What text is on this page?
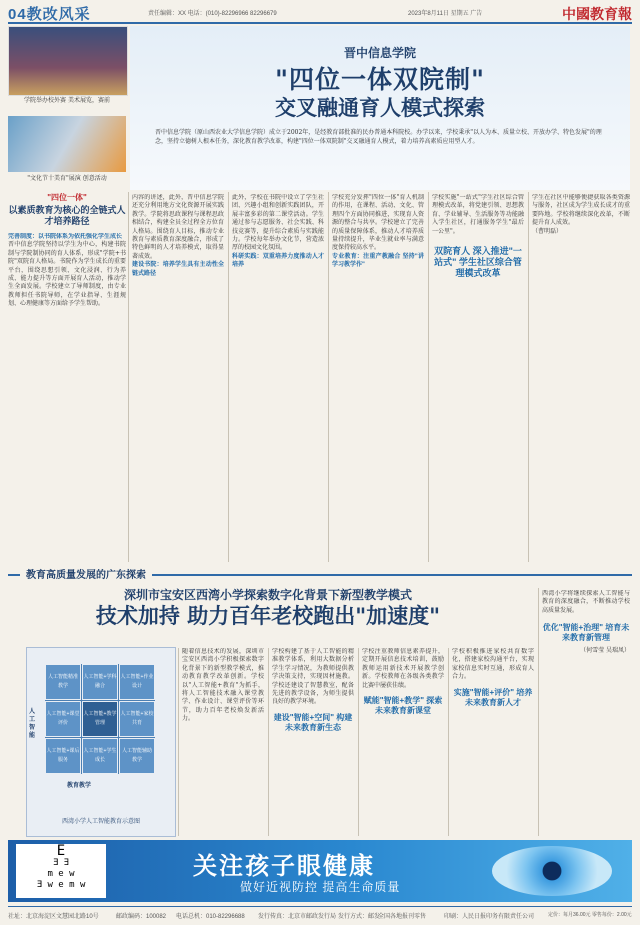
04教改风采	责任编辑：XX 电话：(010)-82296966 82296679	2023年8月11日 星期五 广告	中國教育報
学院举办校外赛 美术展览，赛前
"文化节十美育"展演 创意活动
晋中信息学院
"四位一体双院制"
交叉融通育人模式探索
晋中信息学院（原山西农业大学信息学院）成立于2002年，是经教育部批准的民办普通本科院校。办学以来，学校秉承"以人为本、质量立校、开放办学、特色发展"的理念，坚持立德树人根本任务，深化教育教学改革，构建"四位一体双院制"交叉融通育人模式，着力培养高素质应用型人才。
"四位一体"
以素质教育为核心的全链式人才培养路径
完善制度：以书院体系为依托强化学生成长
晋中信息学院坚持以学生为中心，构建书院制与学院制协同的育人体系，形成"学院+书院"双院育人格局。书院作为学生成长的重要平台，围绕思想引领、文化浸润、行为养成、能力提升等方面开展育人活动，推动学生全面发展。学校建立了导师制度，由专业教师担任书院导师，在学业指导、生涯规划、心理健康等方面给予学生帮助。
内容的讲述，此外，晋中信息学院还充分利用地方文化资源开展实践教学。学院将思政课程与课程思政相结合，构建全员全过程全方位育人格局。围绕育人目标，推动专业教育与素质教育深度融合，形成了特色鲜明的人才培养模式，取得显著成效。
建设书院：培养学生具有主动性全链式路径
此外，学校在书院中设立了学生社团、兴趣小组和创新实践团队，开展丰富多彩的第二课堂活动。学生通过参与志愿服务、社会实践、科技竞赛等，提升综合素质与实践能力。学校每年举办文化节，营造浓厚的校园文化氛围。
科研实践：双重培养力度推动人才培养
学校充分发挥"四位一体"育人机制的作用，在课程、活动、文化、管理四个方面协同推进，实现育人资源的整合与共享。学校建立了完善的质量保障体系，推动人才培养质量持续提升，毕业生就业率与满意度保持较高水平。
专业教育：注重产教融合 坚持"讲学习教学作"
学校实施"一站式"学生社区综合管理模式改革，将党建引领、思想教育、学业辅导、生活服务等功能融入学生社区，打通服务学生"最后一公里"。
双院育人 深入推进"一站式" 学生社区综合管理模式改革
学生在社区中能够便捷获取各类资源与服务，社区成为学生成长成才的重要阵地。学校将继续深化改革，不断提升育人成效。
（曹明磊）
教育高质量发展的广东探索
深圳市宝安区西湾小学探索数字化背景下新型教学模式
技术加持 助力百年老校跑出"加速度"
人工智能精准教学
人工智能+学科融合
人工智能+作业设计
人工智能+课堂评价
人工智能+教学管理
人工智能+家校共育
人工智能+课后服务
人工智能+学生成长
人工智能辅助教学
人工智能
教育教学
西湾小学人工智能教育示意图
随着信息技术的发展，深圳市宝安区西湾小学积极探索数字化背景下的新型教学模式，推动教育教学改革创新。学校以"人工智能+教育"为抓手，将人工智能技术融入课堂教学、作业设计、课堂评价等环节，助力百年老校焕发新活力。
学校构建了基于人工智能的精准教学体系，利用大数据分析学生学习情况，为教师提供教学决策支持，实现因材施教。学校还建设了智慧教室，配备先进的教学设备，为师生提供良好的教学环境。
建设"智能+空间" 构建未来教育新生态
学校注重教师信息素养提升，定期开展信息技术培训，鼓励教师运用新技术开展教学创新。学校教师在各级各类教学比赛中屡获佳绩。
赋能"智能+教学" 探索未来教育新课堂
学校积极推进家校共育数字化，搭建家校沟通平台，实现家校信息实时互通，形成育人合力。
实施"智能+评价" 培养未来教育新人才
西湾小学将继续探索人工智能与教育的深度融合，不断推动学校高质量发展。
优化"智能+治理" 培育未来教育新管理
（何雪莹 吴瑞凤）
E
Ǝ ∃
m e w
Ǝ w e m w
关注孩子眼健康
做好近视防控 提高生命质量
社址：北京海淀区文慧园北路10号	邮政编码：100082 电话总机：010-82296688 发行传真：北京市邮政发行局 发行方式：邮发
全国各地报刊零售	印刷：人民日报印务有限责任公司	定价：每月36.00元 零售每份：2.00元
